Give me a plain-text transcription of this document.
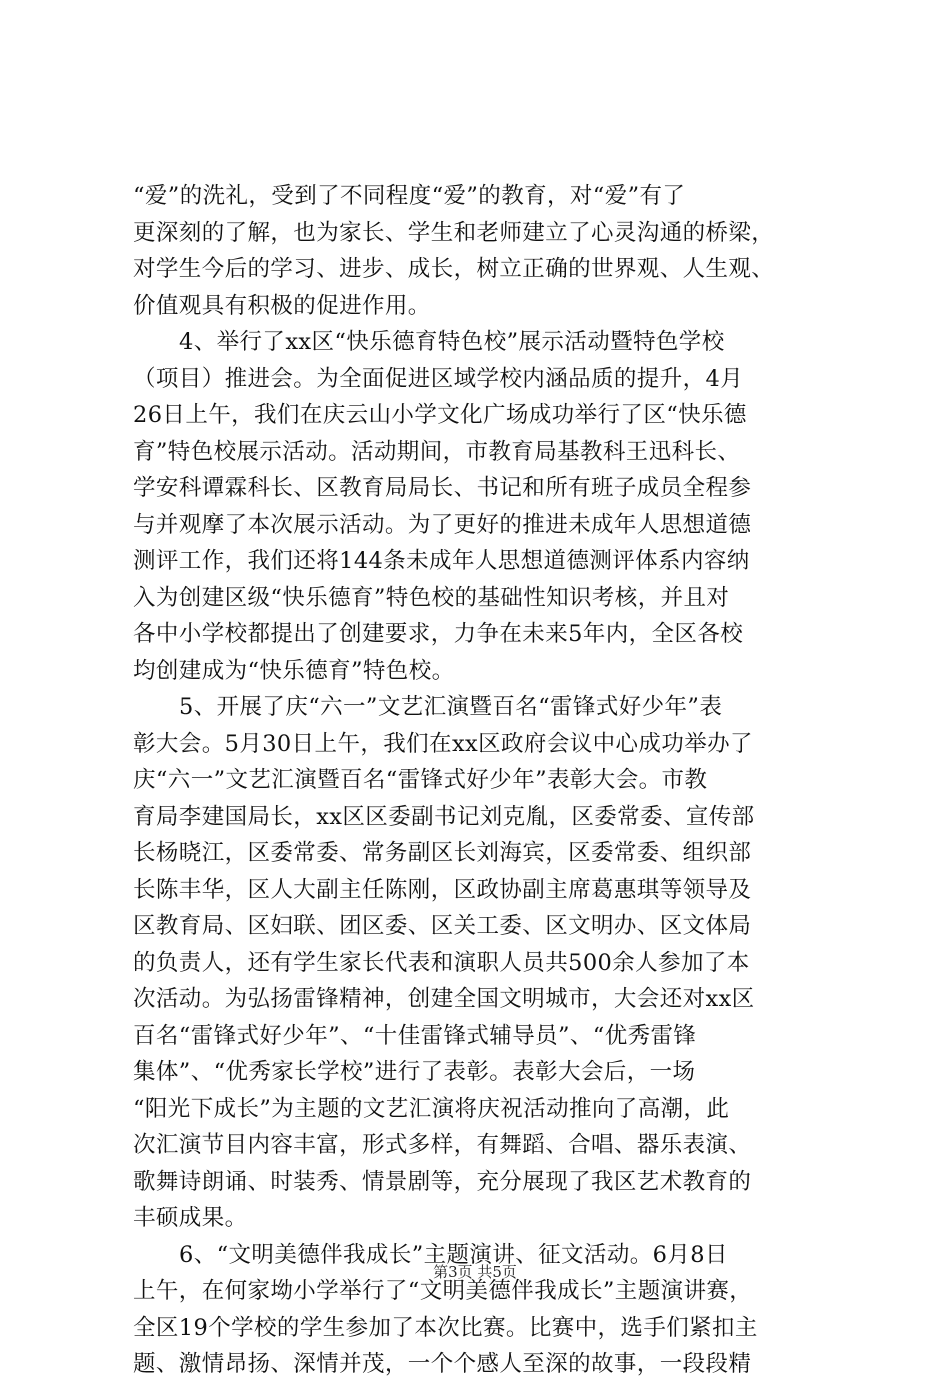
“爱”的洗礼，受到了不同程度“爱”的教育，对“爱”有了
更深刻的了解，也为家长、学生和老师建立了心灵沟通的桥梁，
对学生今后的学习、进步、成长，树立正确的世界观、人生观、
价值观具有积极的促进作用。
4、举行了xx区“快乐德育特色校”展示活动暨特色学校
（项目）推进会。为全面促进区域学校内涵品质的提升，4月
26日上午，我们在庆云山小学文化广场成功举行了区“快乐德
育”特色校展示活动。活动期间，市教育局基教科王迅科长、
学安科谭霖科长、区教育局局长、书记和所有班子成员全程参
与并观摩了本次展示活动。为了更好的推进未成年人思想道德
测评工作，我们还将144条未成年人思想道德测评体系内容纳
入为创建区级“快乐德育”特色校的基础性知识考核，并且对
各中小学校都提出了创建要求，力争在未来5年内，全区各校
均创建成为“快乐德育”特色校。
5、开展了庆“六一”文艺汇演暨百名“雷锋式好少年”表
彰大会。5月30日上午，我们在xx区政府会议中心成功举办了
庆“六一”文艺汇演暨百名“雷锋式好少年”表彰大会。市教
育局李建国局长，xx区区委副书记刘克胤，区委常委、宣传部
长杨晓江，区委常委、常务副区长刘海宾，区委常委、组织部
长陈丰华，区人大副主任陈刚，区政协副主席葛惠琪等领导及
区教育局、区妇联、团区委、区关工委、区文明办、区文体局
的负责人，还有学生家长代表和演职人员共500余人参加了本
次活动。为弘扬雷锋精神，创建全国文明城市，大会还对xx区
百名“雷锋式好少年”、“十佳雷锋式辅导员”、“优秀雷锋
集体”、“优秀家长学校”进行了表彰。表彰大会后，一场
“阳光下成长”为主题的文艺汇演将庆祝活动推向了高潮，此
次汇演节目内容丰富，形式多样，有舞蹈、合唱、器乐表演、
歌舞诗朗诵、时装秀、情景剧等，充分展现了我区艺术教育的
丰硕成果。
6、“文明美德伴我成长”主题演讲、征文活动。6月8日
上午，在何家坳小学举行了“文明美德伴我成长”主题演讲赛，
全区19个学校的学生参加了本次比赛。比赛中，选手们紧扣主
题、激情昂扬、深情并茂，一个个感人至深的故事，一段段精
第3页 共5页
